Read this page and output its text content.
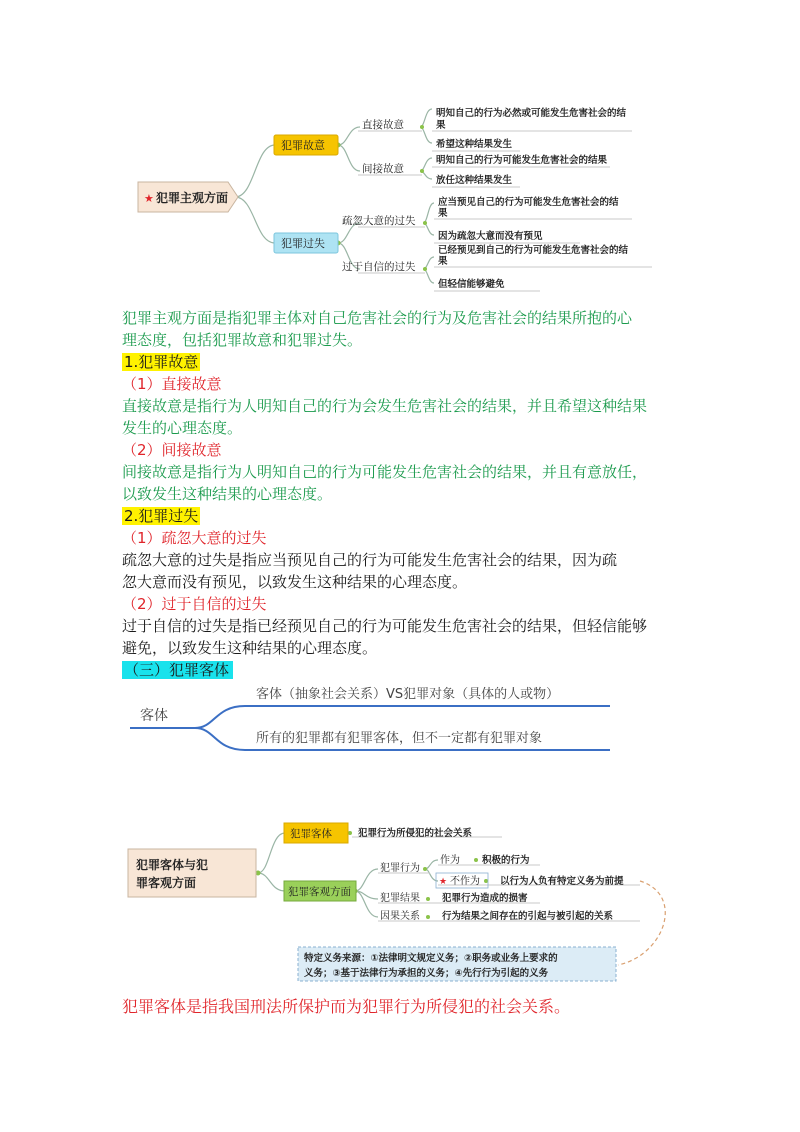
★ 犯罪主观方面
犯罪故意
犯罪过失
直接故意
间接故意
疏忽大意的过失
过于自信的过失
明知自己的行为必然或可能发生危害社会的结
果
希望这种结果发生
明知自己的行为可能发生危害社会的结果
放任这种结果发生
应当预见自己的行为可能发生危害社会的结
果
因为疏忽大意而没有预见
已经预见到自己的行为可能发生危害社会的结
果
但轻信能够避免
犯罪主观方面是指犯罪主体对自己危害社会的行为及危害社会的结果所抱的心
理态度，包括犯罪故意和犯罪过失。
1.犯罪故意
（1）直接故意
直接故意是指行为人明知自己的行为会发生危害社会的结果，并且希望这种结果
发生的心理态度。
（2）间接故意
间接故意是指行为人明知自己的行为可能发生危害社会的结果，并且有意放任，
以致发生这种结果的心理态度。
2.犯罪过失
（1）疏忽大意的过失
疏忽大意的过失是指应当预见自己的行为可能发生危害社会的结果，因为疏
忽大意而没有预见，以致发生这种结果的心理态度。
（2）过于自信的过失
过于自信的过失是指已经预见自己的行为可能发生危害社会的结果，但轻信能够
避免，以致发生这种结果的心理态度。
（三）犯罪客体
客体
客体（抽象社会关系）VS犯罪对象（具体的人或物）
所有的犯罪都有犯罪客体，但不一定都有犯罪对象
犯罪客体与犯
罪客观方面
犯罪客体	犯罪行为所侵犯的社会关系
犯罪客观方面
犯罪行为
犯罪结果
因果关系
作为 积极的行为
★ 不作为 以行为人负有特定义务为前提
犯罪行为造成的损害
行为结果之间存在的引起与被引起的关系
特定义务来源：①法律明文规定义务；②职务或业务上要求的
义务；③基于法律行为承担的义务；④先行行为引起的义务
犯罪客体是指我国刑法所保护而为犯罪行为所侵犯的社会关系。
